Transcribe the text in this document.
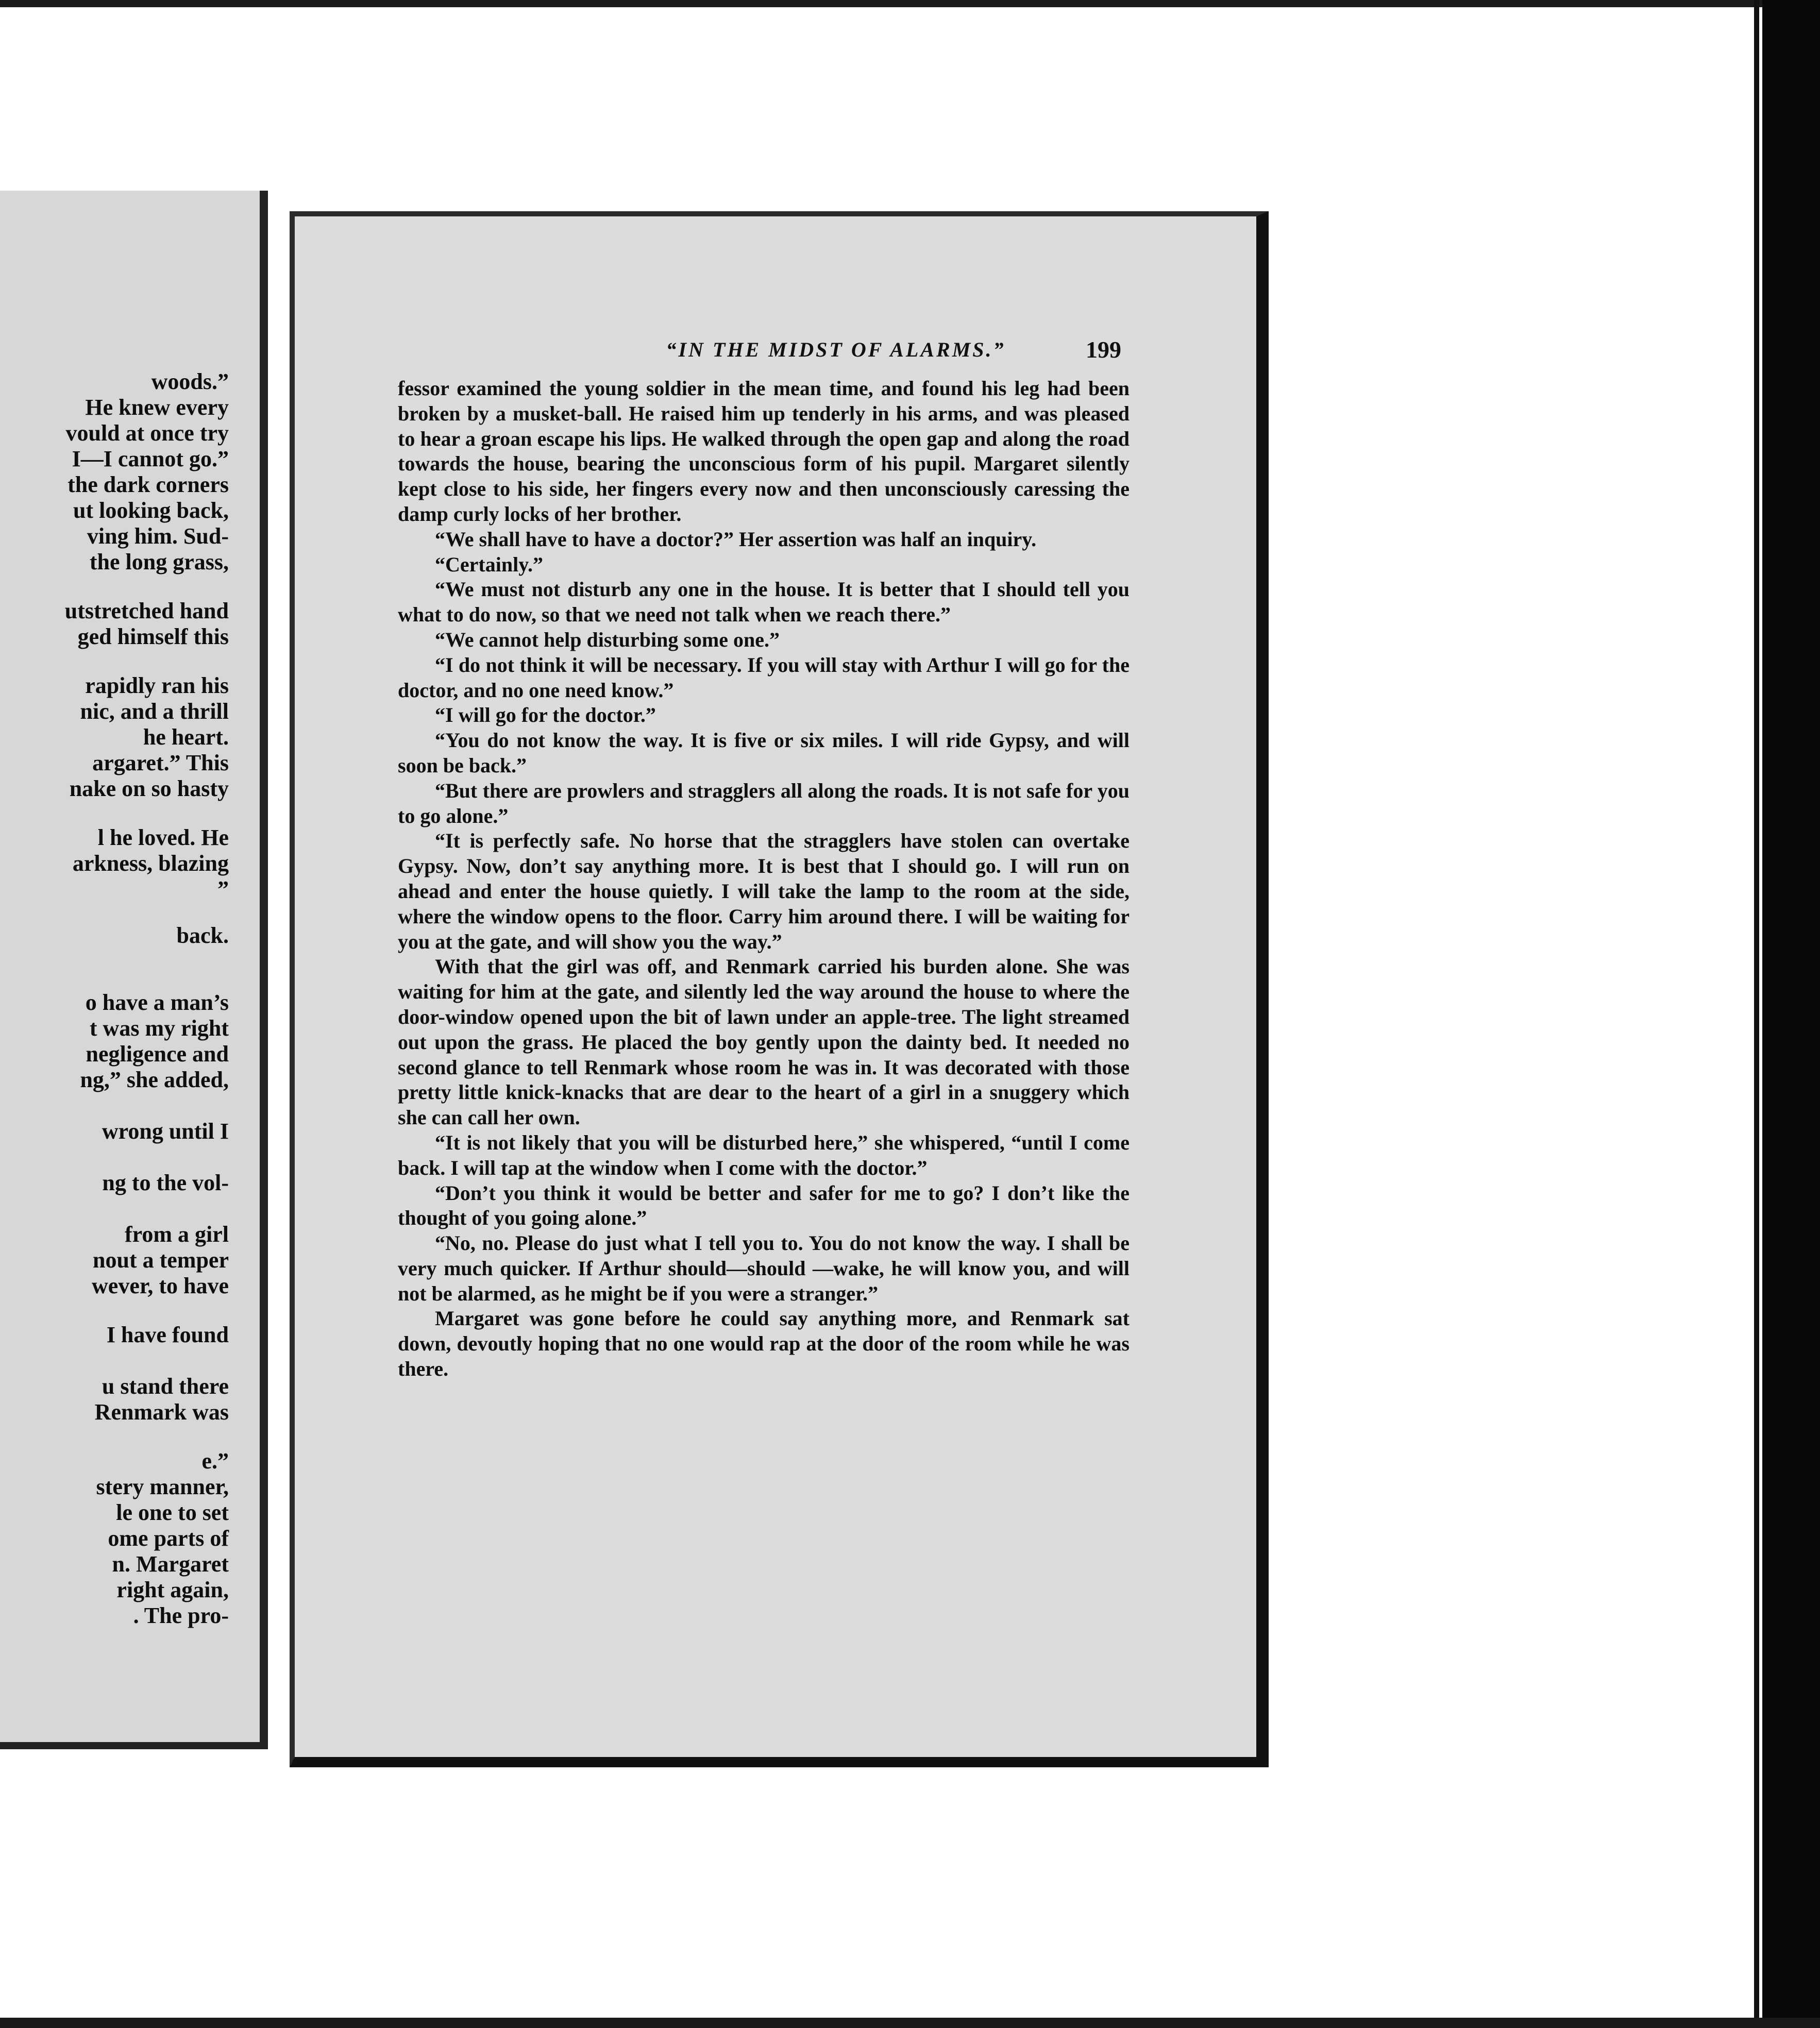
woods.”
He knew every
vould at once try
I—I cannot go.”
the dark corners
ut looking back,
ving him. Sud-
the long grass,
utstretched hand
ged himself this
rapidly ran his
nic, and a thrill
he heart.
argaret.” This
nake on so hasty
l he loved. He
arkness, blazing
”
back.
o have a man’s
t was my right
negligence and
ng,” she added,
wrong until I
ng to the vol-
from a girl
nout a temper
wever, to have
I have found
u stand there
Renmark was
e.”
stery manner,
le one to set
ome parts of
n. Margaret
right again,
. The pro-
“IN THE MIDST OF ALARMS.”	199

fessor examined the young soldier in the mean time, and found his leg had been broken by a musket-ball. He raised him up tenderly in his arms, and was pleased to hear a groan escape his lips. He walked through the open gap and along the road towards the house, bearing the unconscious form of his pupil. Margaret silently kept close to his side, her fingers every now and then unconsciously caressing the damp curly locks of her brother.

“We shall have to have a doctor?” Her assertion was half an inquiry.

“Certainly.”

“We must not disturb any one in the house. It is better that I should tell you what to do now, so that we need not talk when we reach there.”

“We cannot help disturbing some one.”

“I do not think it will be necessary. If you will stay with Arthur I will go for the doctor, and no one need know.”

“I will go for the doctor.”

“You do not know the way. It is five or six miles. I will ride Gypsy, and will soon be back.”

“But there are prowlers and stragglers all along the roads. It is not safe for you to go alone.”

“It is perfectly safe. No horse that the stragglers have stolen can overtake Gypsy. Now, don’t say anything more. It is best that I should go. I will run on ahead and enter the house quietly. I will take the lamp to the room at the side, where the window opens to the floor. Carry him around there. I will be waiting for you at the gate, and will show you the way.”

With that the girl was off, and Renmark carried his burden alone. She was waiting for him at the gate, and silently led the way around the house to where the door-window opened upon the bit of lawn under an apple-tree. The light streamed out upon the grass. He placed the boy gently upon the dainty bed. It needed no second glance to tell Renmark whose room he was in. It was decorated with those pretty little knick-knacks that are dear to the heart of a girl in a snuggery which she can call her own.

“It is not likely that you will be disturbed here,” she whispered, “until I come back. I will tap at the window when I come with the doctor.”

“Don’t you think it would be better and safer for me to go? I don’t like the thought of you going alone.”

“No, no. Please do just what I tell you to. You do not know the way. I shall be very much quicker. If Arthur should—should —wake, he will know you, and will not be alarmed, as he might be if you were a stranger.”

Margaret was gone before he could say anything more, and Renmark sat down, devoutly hoping that no one would rap at the door of the room while he was there.
